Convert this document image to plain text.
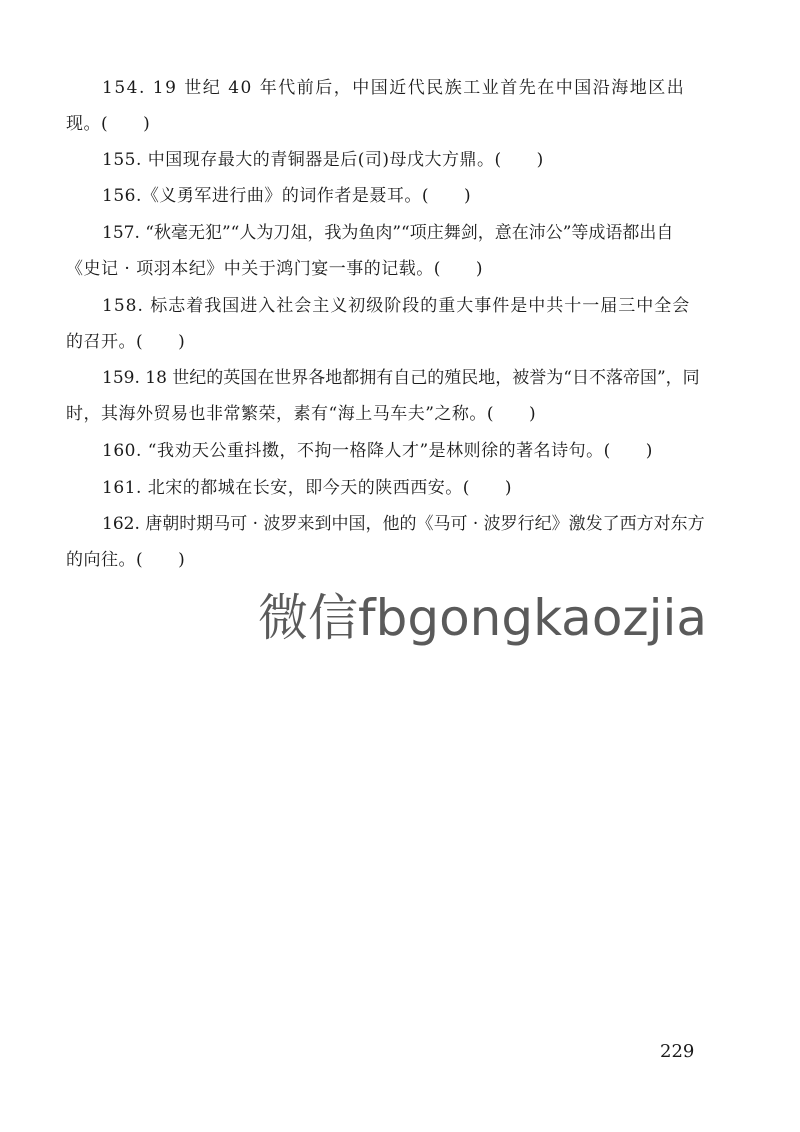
154. 19 世纪 40 年代前后，中国近代民族工业首先在中国沿海地区出
现。(　　)
155. 中国现存最大的青铜器是后(司)母戊大方鼎。(　　)
156.《义勇军进行曲》的词作者是聂耳。(　　)
157. “秋毫无犯”“人为刀俎，我为鱼肉”“项庄舞剑，意在沛公”等成语都出自
《史记 · 项羽本纪》中关于鸿门宴一事的记载。(　　)
158. 标志着我国进入社会主义初级阶段的重大事件是中共十一届三中全会
的召开。(　　)
159. 18 世纪的英国在世界各地都拥有自己的殖民地，被誉为“日不落帝国”，同
时，其海外贸易也非常繁荣，素有“海上马车夫”之称。(　　)
160. “我劝天公重抖擞，不拘一格降人才”是林则徐的著名诗句。(　　)
161. 北宋的都城在长安，即今天的陕西西安。(　　)
162. 唐朝时期马可 · 波罗来到中国，他的《马可 · 波罗行纪》激发了西方对东方
的向往。(　　)
微信fbgongkaozjia
229
